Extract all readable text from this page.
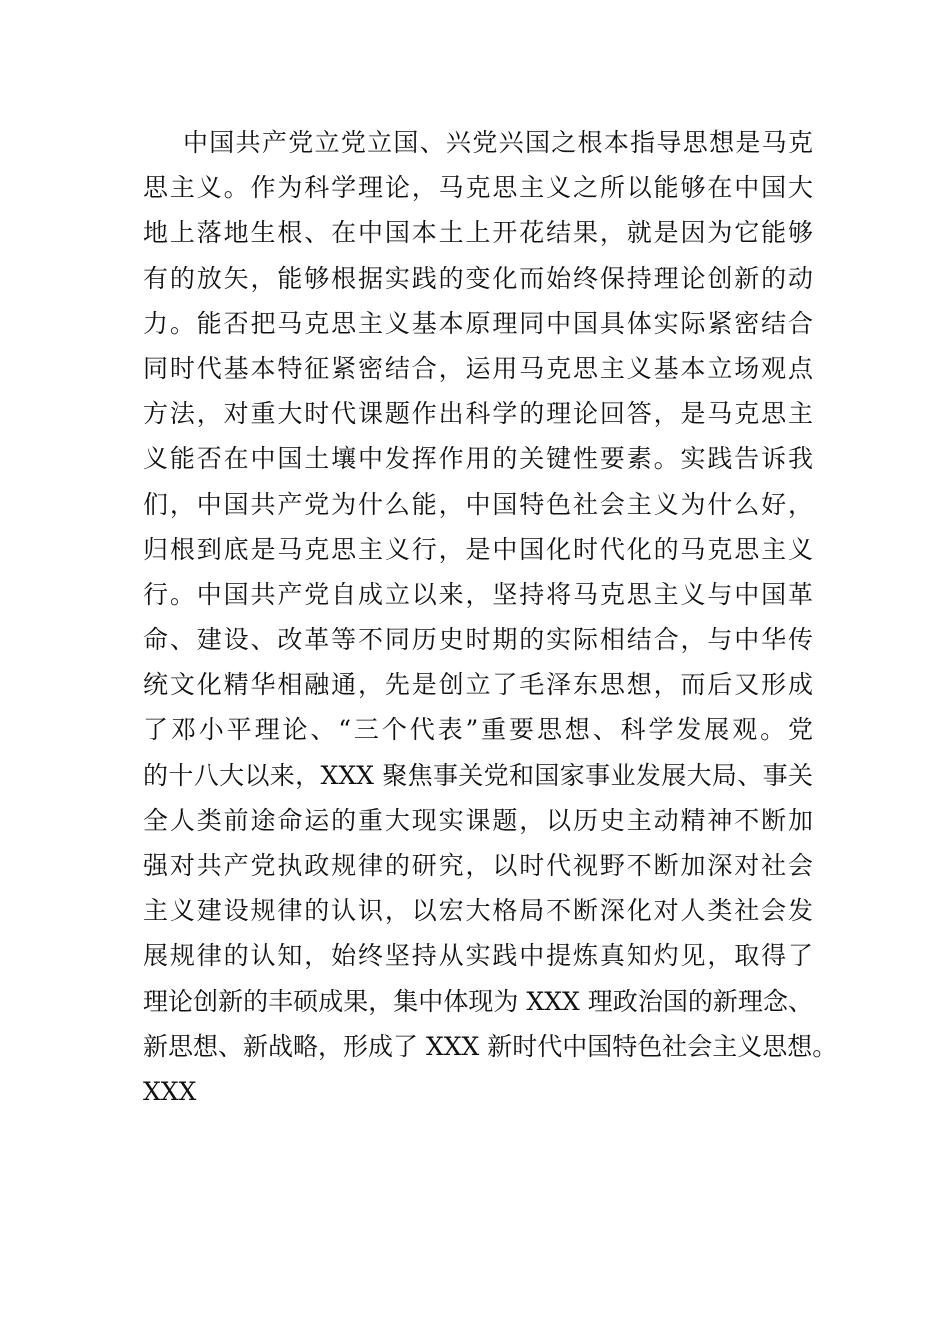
中国共产党立党立国、兴党兴国之根本指导思想是马克
思主义。作为科学理论，马克思主义之所以能够在中国大
地上落地生根、在中国本土上开花结果，就是因为它能够
有的放矢，能够根据实践的变化而始终保持理论创新的动
力。能否把马克思主义基本原理同中国具体实际紧密结合
同时代基本特征紧密结合，运用马克思主义基本立场观点
方法，对重大时代课题作出科学的理论回答，是马克思主
义能否在中国土壤中发挥作用的关键性要素。实践告诉我
们，中国共产党为什么能，中国特色社会主义为什么好，
归根到底是马克思主义行，是中国化时代化的马克思主义
行。中国共产党自成立以来，坚持将马克思主义与中国革
命、建设、改革等不同历史时期的实际相结合，与中华传
统文化精华相融通，先是创立了毛泽东思想，而后又形成
了邓小平理论、“三个代表”重要思想、科学发展观。党
的十八大以来，XXX 聚焦事关党和国家事业发展大局、事关
全人类前途命运的重大现实课题，以历史主动精神不断加
强对共产党执政规律的研究，以时代视野不断加深对社会
主义建设规律的认识，以宏大格局不断深化对人类社会发
展规律的认知，始终坚持从实践中提炼真知灼见，取得了
理论创新的丰硕成果，集中体现为 XXX 理政治国的新理念、
新思想、新战略，形成了 XXX 新时代中国特色社会主义思想。
XXX
